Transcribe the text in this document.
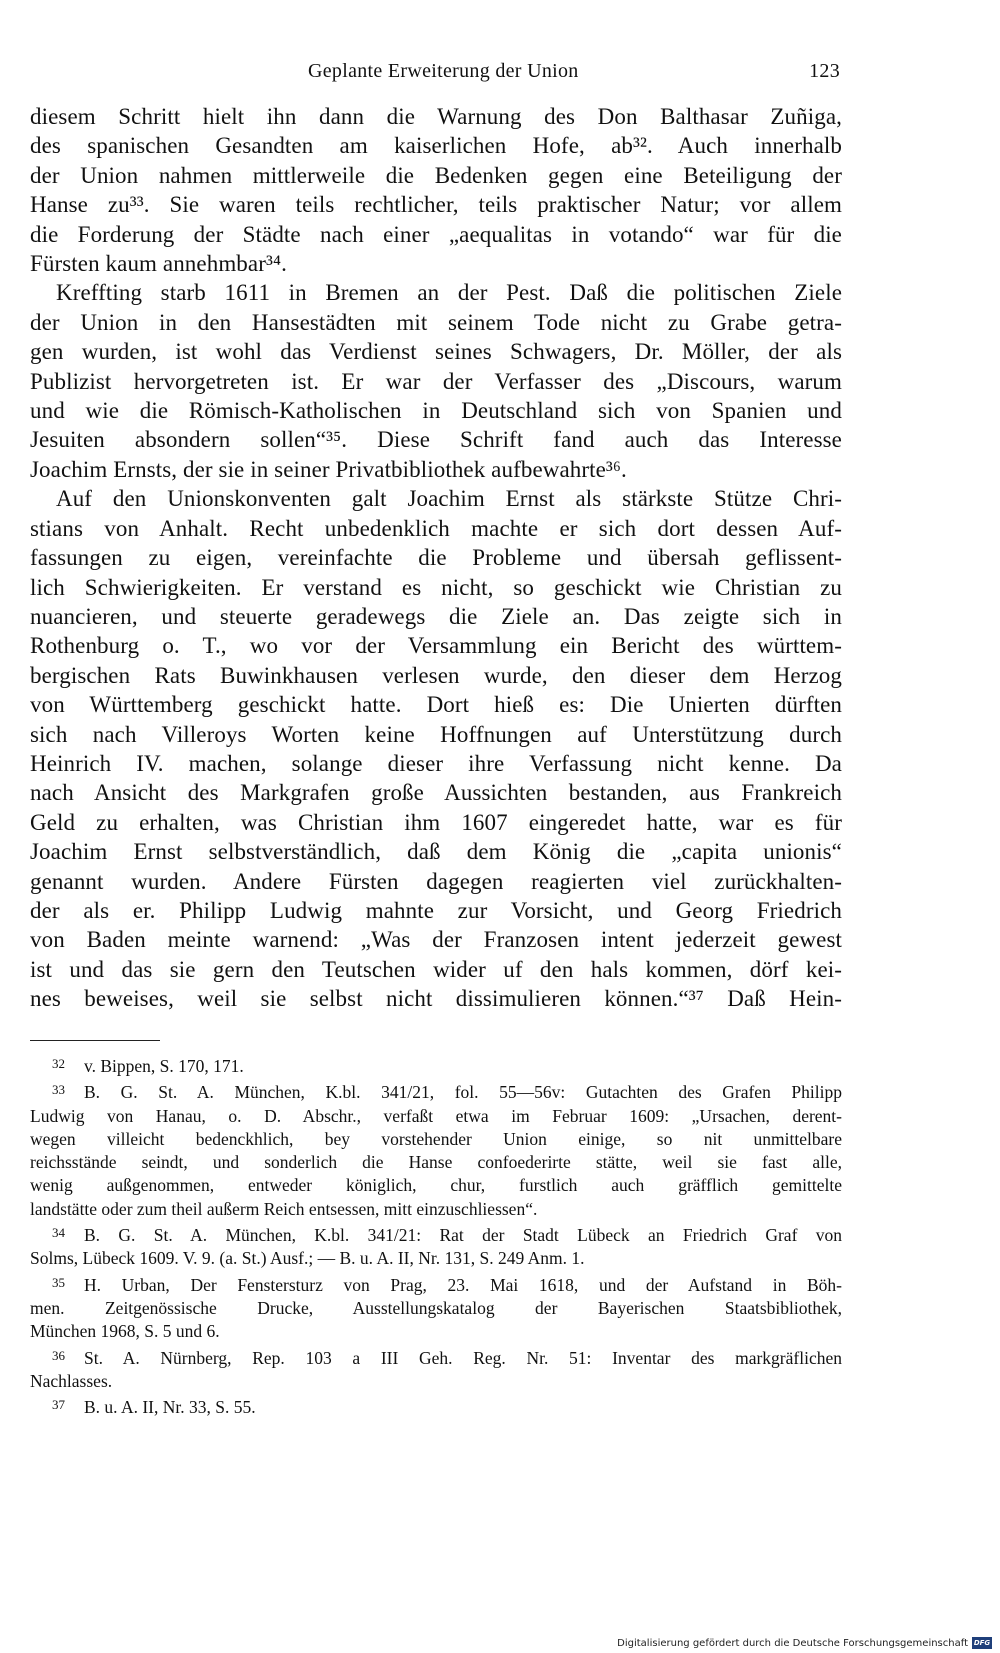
Geplante Erweiterung der Union	123
diesem Schritt hielt ihn dann die Warnung des Don Balthasar Zuñiga,
des spanischen Gesandten am kaiserlichen Hofe, ab³². Auch innerhalb
der Union nahmen mittlerweile die Bedenken gegen eine Beteiligung der
Hanse zu³³. Sie waren teils rechtlicher, teils praktischer Natur; vor allem
die Forderung der Städte nach einer „aequalitas in votando“ war für die
Fürsten kaum annehmbar³⁴.
Kreffting starb 1611 in Bremen an der Pest. Daß die politischen Ziele
der Union in den Hansestädten mit seinem Tode nicht zu Grabe getra-
gen wurden, ist wohl das Verdienst seines Schwagers, Dr. Möller, der als
Publizist hervorgetreten ist. Er war der Verfasser des „Discours, warum
und wie die Römisch-Katholischen in Deutschland sich von Spanien und
Jesuiten absondern sollen“³⁵. Diese Schrift fand auch das Interesse
Joachim Ernsts, der sie in seiner Privatbibliothek aufbewahrte³⁶.
Auf den Unionskonventen galt Joachim Ernst als stärkste Stütze Chri-
stians von Anhalt. Recht unbedenklich machte er sich dort dessen Auf-
fassungen zu eigen, vereinfachte die Probleme und übersah geflissent-
lich Schwierigkeiten. Er verstand es nicht, so geschickt wie Christian zu
nuancieren, und steuerte geradewegs die Ziele an. Das zeigte sich in
Rothenburg o. T., wo vor der Versammlung ein Bericht des württem-
bergischen Rats Buwinkhausen verlesen wurde, den dieser dem Herzog
von Württemberg geschickt hatte. Dort hieß es: Die Unierten dürften
sich nach Villeroys Worten keine Hoffnungen auf Unterstützung durch
Heinrich IV. machen, solange dieser ihre Verfassung nicht kenne. Da
nach Ansicht des Markgrafen große Aussichten bestanden, aus Frankreich
Geld zu erhalten, was Christian ihm 1607 eingeredet hatte, war es für
Joachim Ernst selbstverständlich, daß dem König die „capita unionis“
genannt wurden. Andere Fürsten dagegen reagierten viel zurückhalten-
der als er. Philipp Ludwig mahnte zur Vorsicht, und Georg Friedrich
von Baden meinte warnend: „Was der Franzosen intent jederzeit gewest
ist und das sie gern den Teutschen wider uf den hals kommen, dörf kei-
nes beweises, weil sie selbst nicht dissimulieren können.“³⁷ Daß Hein-
32 v. Bippen, S. 170, 171.
33 B. G. St. A. München, K.bl. 341/21, fol. 55—56v: Gutachten des Grafen Philipp
Ludwig von Hanau, o. D. Abschr., verfaßt etwa im Februar 1609: „Ursachen, derent-
wegen villeicht bedenckhlich, bey vorstehender Union einige, so nit unmittelbare
reichsstände seindt, und sonderlich die Hanse confoederirte stätte, weil sie fast alle,
wenig außgenommen, entweder königlich, chur, furstlich auch gräfflich gemittelte
landstätte oder zum theil außerm Reich entsessen, mitt einzuschliessen“.
34 B. G. St. A. München, K.bl. 341/21: Rat der Stadt Lübeck an Friedrich Graf von
Solms, Lübeck 1609. V. 9. (a. St.) Ausf.; — B. u. A. II, Nr. 131, S. 249 Anm. 1.
35 H. Urban, Der Fenstersturz von Prag, 23. Mai 1618, und der Aufstand in Böh-
men. Zeitgenössische Drucke, Ausstellungskatalog der Bayerischen Staatsbibliothek,
München 1968, S. 5 und 6.
36 St. A. Nürnberg, Rep. 103 a III Geh. Reg. Nr. 51: Inventar des markgräflichen
Nachlasses.
37 B. u. A. II, Nr. 33, S. 55.
Digitalisierung gefördert durch die Deutsche Forschungsgemeinschaft DFG
